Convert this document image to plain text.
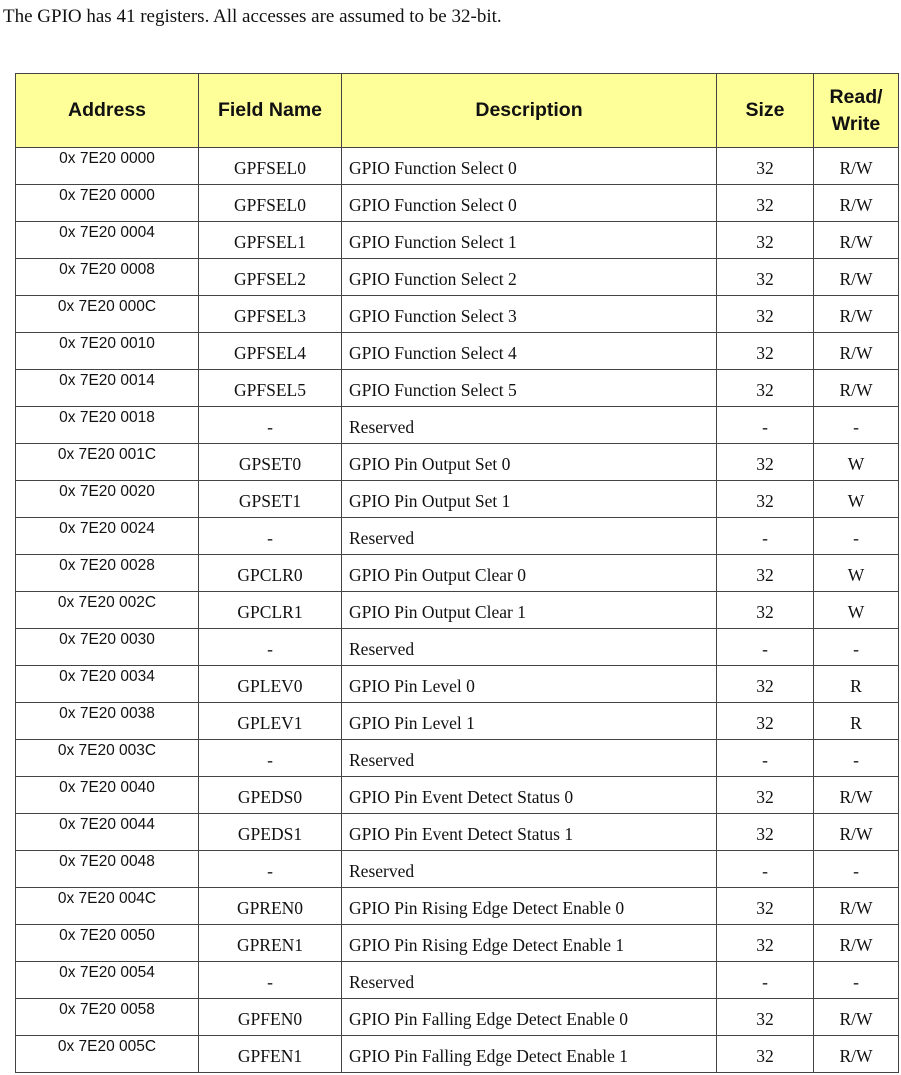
The GPIO has 41 registers. All accesses are assumed to be 32-bit.
Address	Field Name	Description	Size	Read/
Write
0x 7E20 0000	GPFSEL0	GPIO Function Select 0	32	R/W
0x 7E20 0000	GPFSEL0	GPIO Function Select 0	32	R/W
0x 7E20 0004	GPFSEL1	GPIO Function Select 1	32	R/W
0x 7E20 0008	GPFSEL2	GPIO Function Select 2	32	R/W
0x 7E20 000C	GPFSEL3	GPIO Function Select 3	32	R/W
0x 7E20 0010	GPFSEL4	GPIO Function Select 4	32	R/W
0x 7E20 0014	GPFSEL5	GPIO Function Select 5	32	R/W
0x 7E20 0018	-	Reserved	-	-
0x 7E20 001C	GPSET0	GPIO Pin Output Set 0	32	W
0x 7E20 0020	GPSET1	GPIO Pin Output Set 1	32	W
0x 7E20 0024	-	Reserved	-	-
0x 7E20 0028	GPCLR0	GPIO Pin Output Clear 0	32	W
0x 7E20 002C	GPCLR1	GPIO Pin Output Clear 1	32	W
0x 7E20 0030	-	Reserved	-	-
0x 7E20 0034	GPLEV0	GPIO Pin Level 0	32	R
0x 7E20 0038	GPLEV1	GPIO Pin Level 1	32	R
0x 7E20 003C	-	Reserved	-	-
0x 7E20 0040	GPEDS0	GPIO Pin Event Detect Status 0	32	R/W
0x 7E20 0044	GPEDS1	GPIO Pin Event Detect Status 1	32	R/W
0x 7E20 0048	-	Reserved	-	-
0x 7E20 004C	GPREN0	GPIO Pin Rising Edge Detect Enable 0	32	R/W
0x 7E20 0050	GPREN1	GPIO Pin Rising Edge Detect Enable 1	32	R/W
0x 7E20 0054	-	Reserved	-	-
0x 7E20 0058	GPFEN0	GPIO Pin Falling Edge Detect Enable 0	32	R/W
0x 7E20 005C	GPFEN1	GPIO Pin Falling Edge Detect Enable 1	32	R/W
